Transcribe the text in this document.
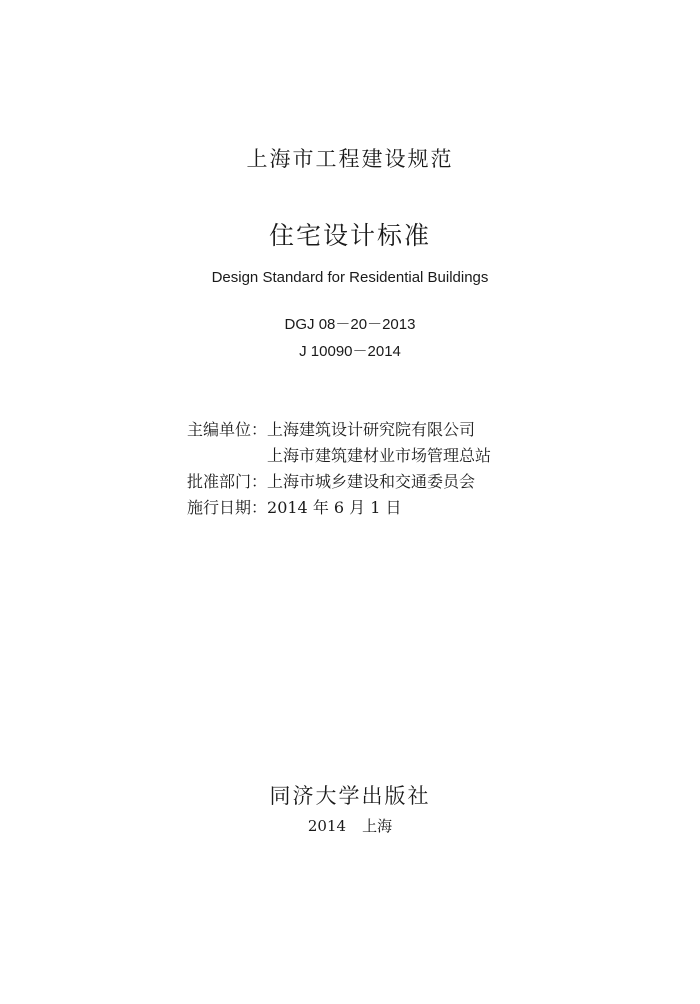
上海市工程建设规范
住宅设计标准
Design Standard for Residential Buildings
DGJ 08－20－2013
J 10090－2014
主编单位：上海建筑设计研究院有限公司
上海市建筑建材业市场管理总站
批准部门：上海市城乡建设和交通委员会
施行日期：2014 年 6 月 1 日
同济大学出版社
2014 上海
